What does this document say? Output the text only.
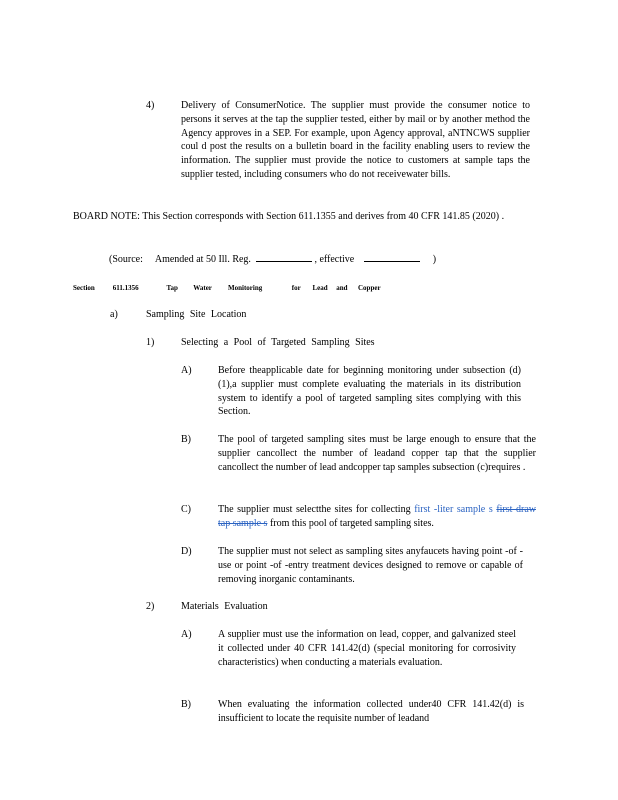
4)	Delivery of ConsumerNotice. The supplier must provide the consumer notice to persons it serves at the tap the supplier tested, either by mail or by another method the Agency approves in a SEP. For example, upon Agency approval, aNTNCWS supplier coul d post the results on a bulletin board in the facility enabling users to review the information. The supplier must provide the notice to customers at sample taps the supplier tested, including consumers who do not receivewater bills.
BOARD NOTE: This Section corresponds with Section 611.1355 and derives from 40 CFR 141.85 (2020) .
(Source: Amended at 50 Ill. Reg.	, effective	)
Section	611.1356	Tap Water Monitoring	for Lead and Copper
a)	Sampling Site Location
1)	Selecting a Pool of Targeted Sampling Sites
A)	Before theapplicable date for beginning monitoring under subsection (d)(1),a supplier must complete evaluating the materials in its distribution system to identify a pool of targeted sampling sites complying with this Section.
B)	The pool of targeted sampling sites must be large enough to ensure that the supplier cancollect the number of leadand copper tap that the supplier cancollect the number of lead andcopper tap samples subsection (c)requires .
C)	The supplier must selectthe sites for collecting first -liter sample s first draw tap sample s from this pool of targeted sampling sites.
D)	The supplier must not select as sampling sites anyfaucets having point -of -use or point -of -entry treatment devices designed to remove or capable of removing inorganic contaminants.
2)	Materials Evaluation
A)	A supplier must use the information on lead, copper, and galvanized steel it collected under 40 CFR 141.42(d) (special monitoring for corrosivity characteristics) when conducting a materials evaluation.
B)	When evaluating the information collected under40 CFR 141.42(d) is insufficient to locate the requisite number of leadand
